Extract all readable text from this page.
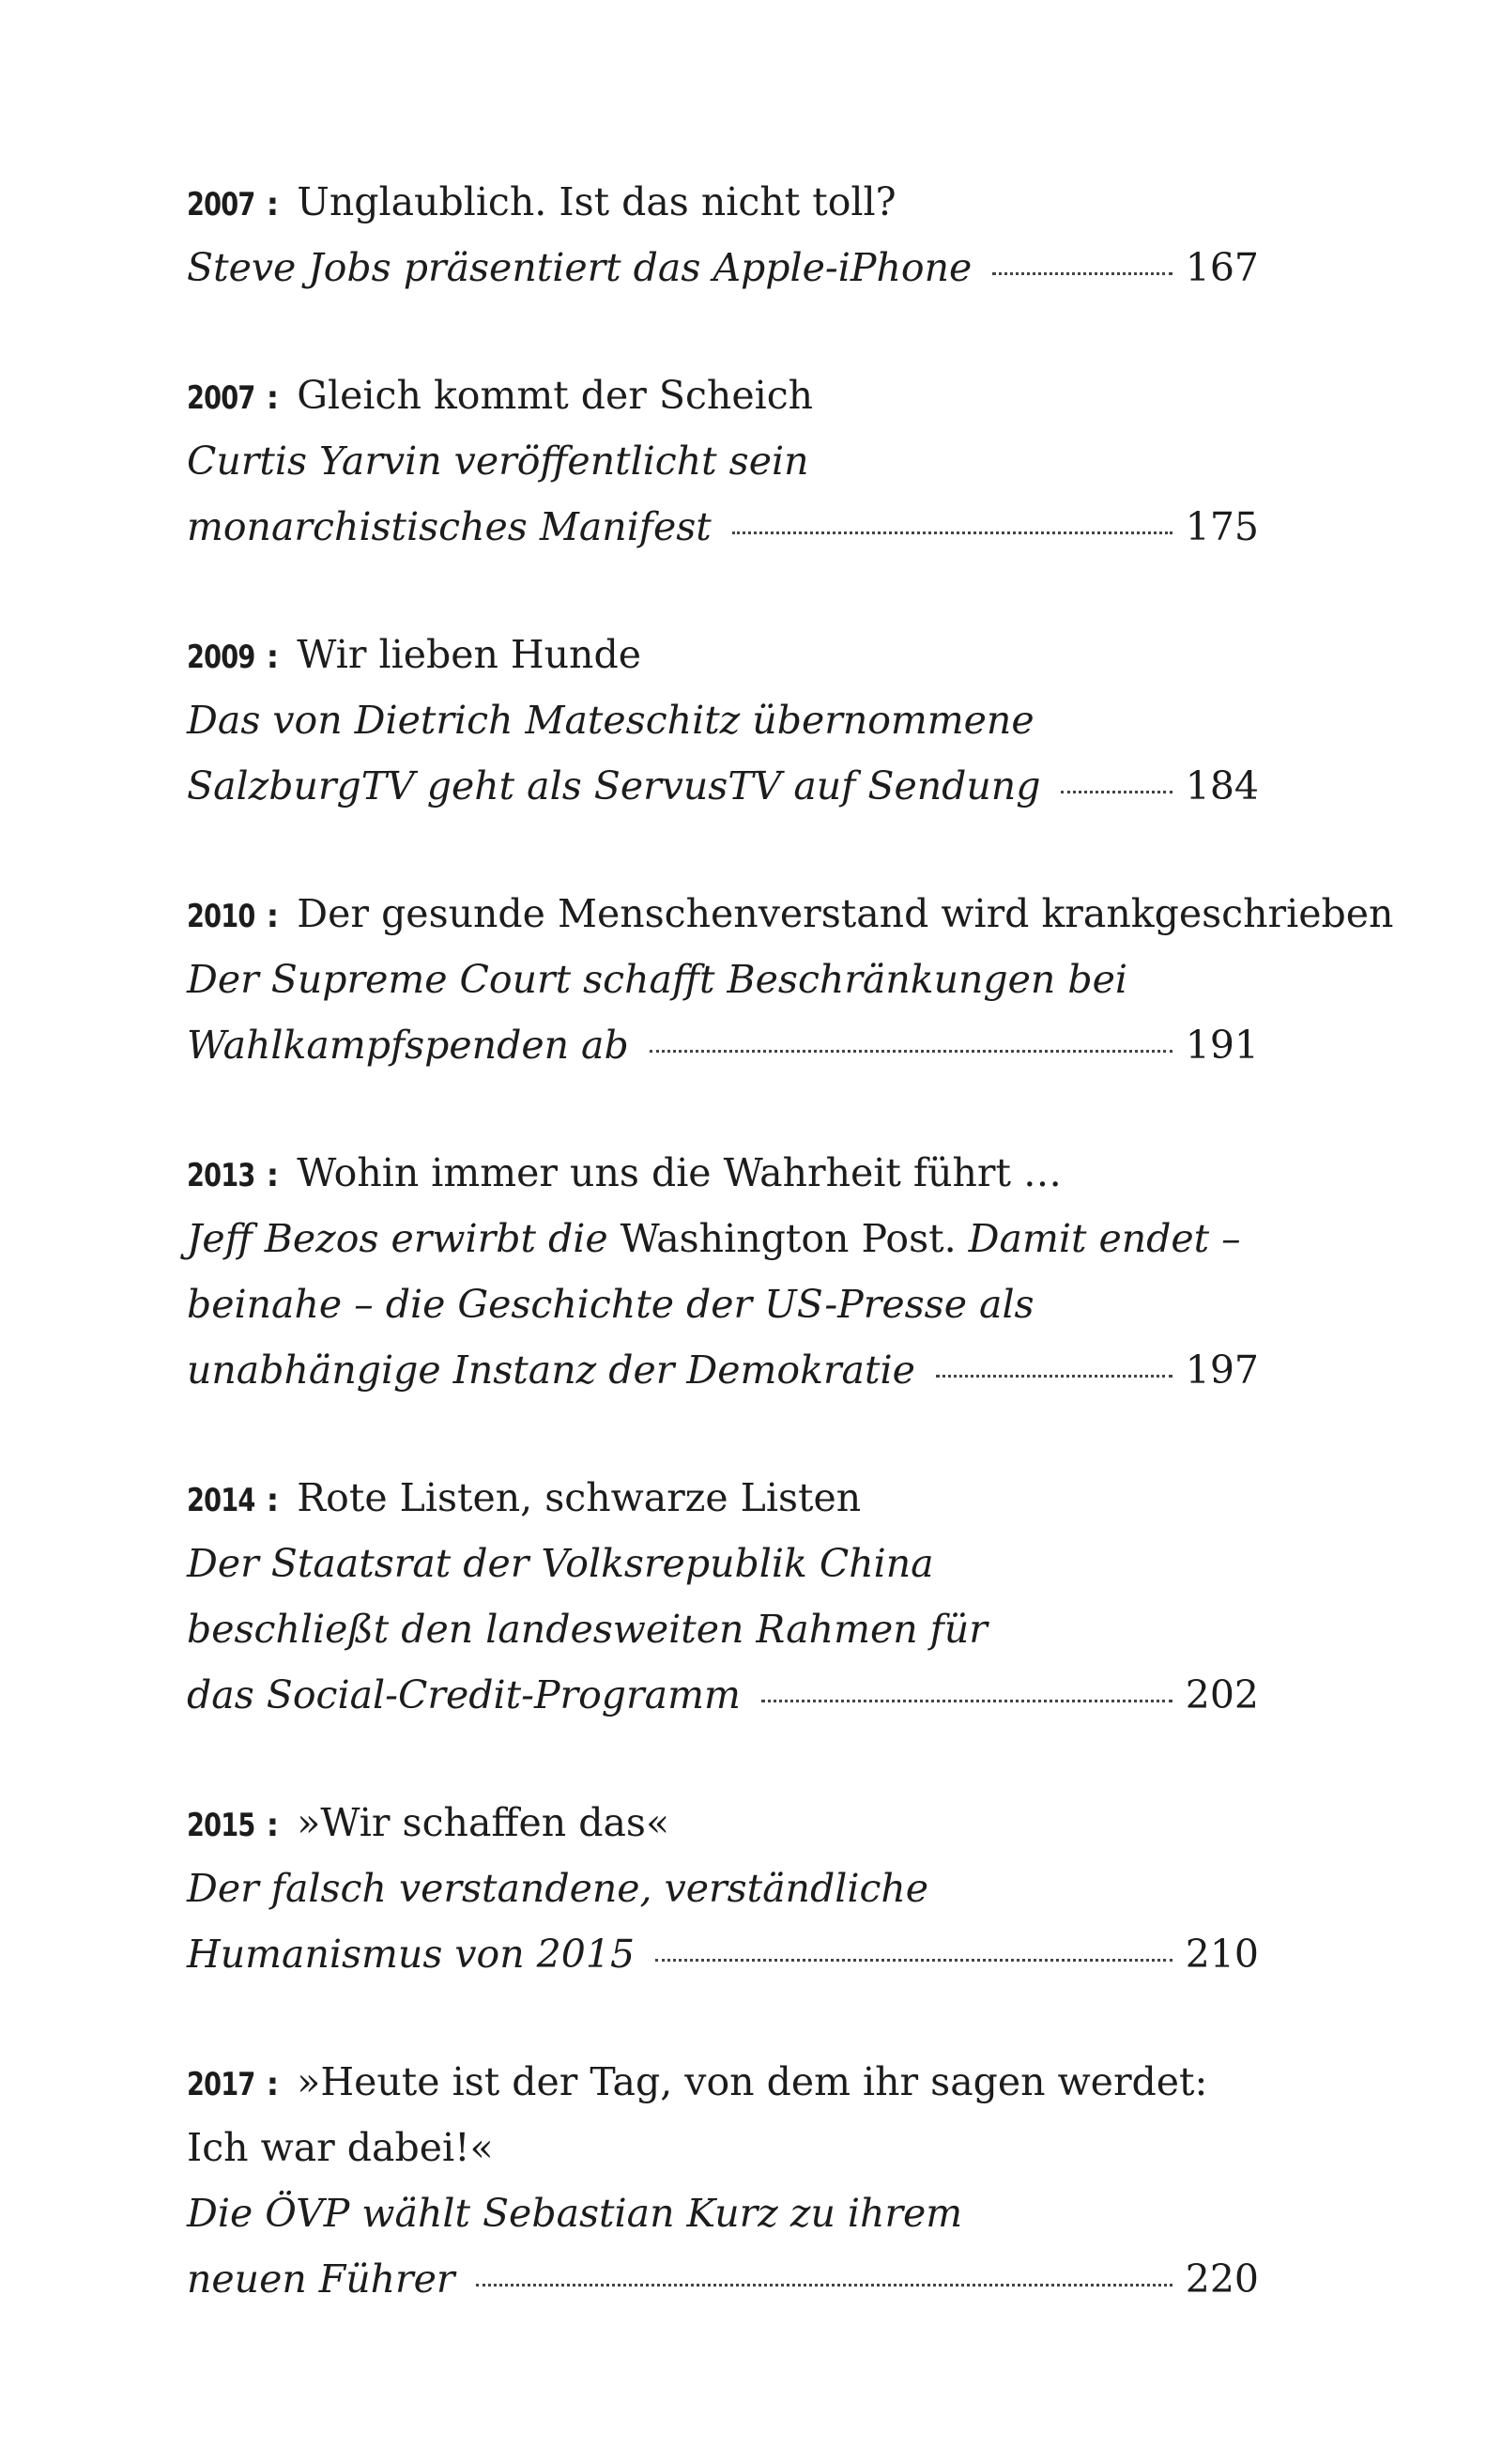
2007 : Unglaublich. Ist das nicht toll?
Steve Jobs präsentiert das Apple-iPhone	167
2007 : Gleich kommt der Scheich
Curtis Yarvin veröffentlicht sein
monarchistisches Manifest	175
2009 : Wir lieben Hunde
Das von Dietrich Mateschitz übernommene
SalzburgTV geht als ServusTV auf Sendung	184
2010 : Der gesunde Menschenverstand wird krankgeschrieben
Der Supreme Court schafft Beschränkungen bei
Wahlkampfspenden ab	191
2013 : Wohin immer uns die Wahrheit führt …
Jeff Bezos erwirbt die Washington Post. Damit endet –
beinahe – die Geschichte der US-Presse als
unabhängige Instanz der Demokratie	197
2014 : Rote Listen, schwarze Listen
Der Staatsrat der Volksrepublik China
beschließt den landesweiten Rahmen für
das Social-Credit-Programm	202
2015 : »Wir schaffen das«
Der falsch verstandene, verständliche
Humanismus von 2015	210
2017 : »Heute ist der Tag, von dem ihr sagen werdet:
Ich war dabei!«
Die ÖVP wählt Sebastian Kurz zu ihrem
neuen Führer	220
